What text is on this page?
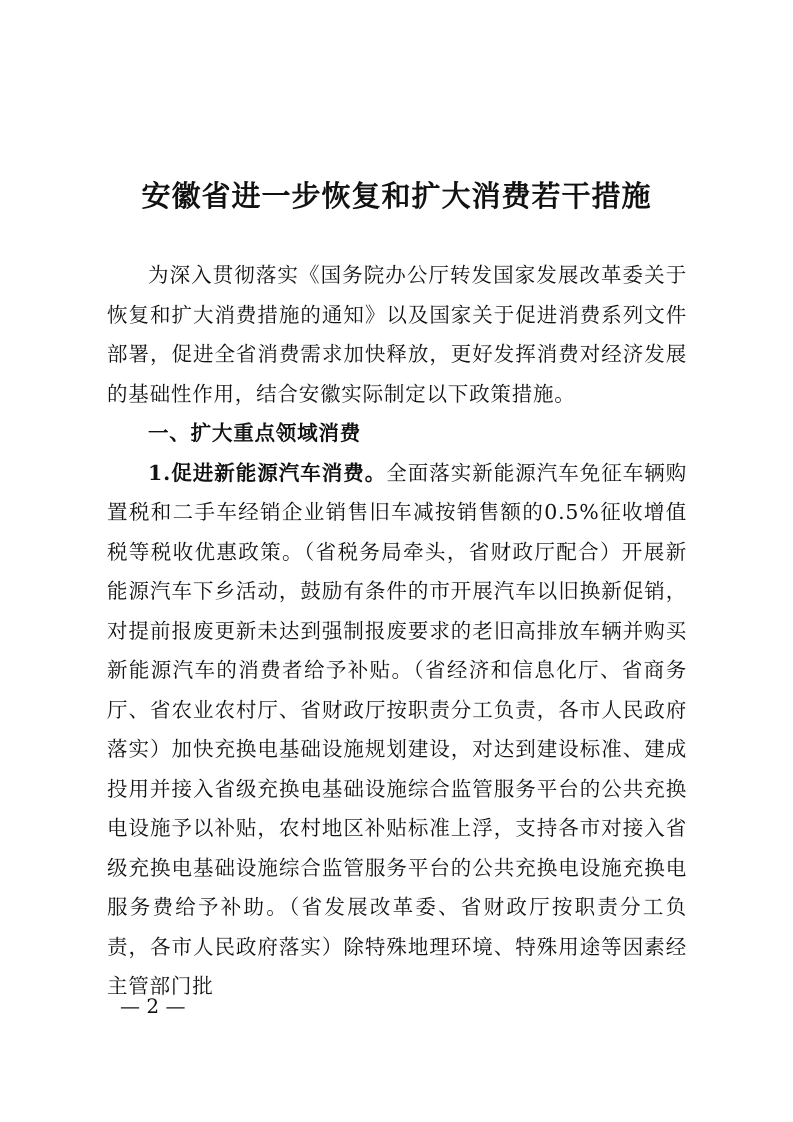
安徽省进一步恢复和扩大消费若干措施

为深入贯彻落实《国务院办公厅转发国家发展改革委关于恢复和扩大消费措施的通知》以及国家关于促进消费系列文件部署，促进全省消费需求加快释放，更好发挥消费对经济发展的基础性作用，结合安徽实际制定以下政策措施。

一、扩大重点领域消费

1.促进新能源汽车消费。全面落实新能源汽车免征车辆购置税和二手车经销企业销售旧车减按销售额的0.5%征收增值税等税收优惠政策。（省税务局牵头，省财政厅配合）开展新能源汽车下乡活动，鼓励有条件的市开展汽车以旧换新促销，对提前报废更新未达到强制报废要求的老旧高排放车辆并购买新能源汽车的消费者给予补贴。（省经济和信息化厅、省商务厅、省农业农村厅、省财政厅按职责分工负责，各市人民政府落实）加快充换电基础设施规划建设，对达到建设标准、建成投用并接入省级充换电基础设施综合监管服务平台的公共充换电设施予以补贴，农村地区补贴标准上浮，支持各市对接入省级充换电基础设施综合监管服务平台的公共充换电设施充换电服务费给予补助。（省发展改革委、省财政厅按职责分工负责，各市人民政府落实）除特殊地理环境、特殊用途等因素经主管部门批

— 2 —
